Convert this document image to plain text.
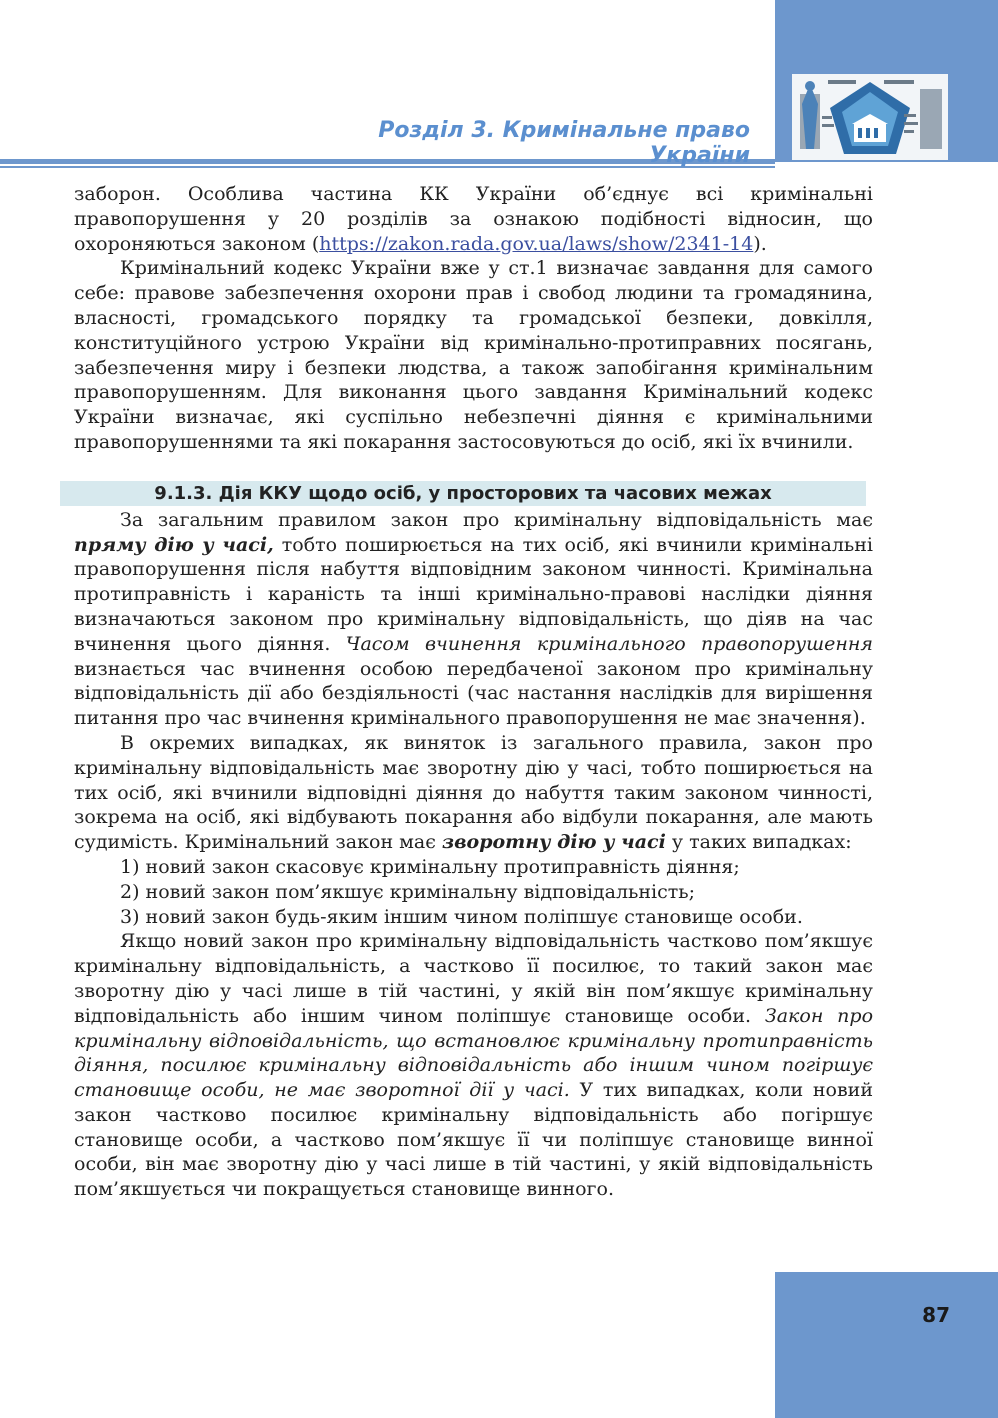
Розділ 3. Кримінальне право України

заборон. Особлива частина КК України об’єднує всі кримінальні правопорушення у 20 розділів за ознакою подібності відносин, що охороняються законом (https://zakon.rada.gov.ua/laws/show/2341-14).

Кримінальний кодекс України вже у ст.1 визначає завдання для самого себе: правове забезпечення охорони прав і свобод людини та громадянина, власності, громадського порядку та громадської безпеки, довкілля, конституційного устрою України від кримінально-протиправних посягань, забезпечення миру і безпеки людства, а також запобігання кримінальним правопорушенням. Для виконання цього завдання Кримінальний кодекс України визначає, які суспільно небезпечні діяння є кримінальними правопорушеннями та які покарання застосовуються до осіб, які їх вчинили.

9.1.3. Дія ККУ щодо осіб, у просторових та часових межах

За загальним правилом закон про кримінальну відповідальність має пряму дію у часі, тобто поширюється на тих осіб, які вчинили кримінальні правопорушення після набуття відповідним законом чинності. Кримінальна протиправність і караність та інші кримінально-правові наслідки діяння визначаються законом про кримінальну відповідальність, що діяв на час вчинення цього діяння. Часом вчинення кримінального правопорушення визнається час вчинення особою передбаченої законом про кримінальну відповідальність дії або бездіяльності (час настання наслідків для вирішення питання про час вчинення кримінального правопорушення не має значення).

В окремих випадках, як виняток із загального правила, закон про кримінальну відповідальність має зворотну дію у часі, тобто поширюється на тих осіб, які вчинили відповідні діяння до набуття таким законом чинності, зокрема на осіб, які відбувають покарання або відбули покарання, але мають судимість. Кримінальний закон має зворотну дію у часі у таких випадках:

1) новий закон скасовує кримінальну протиправність діяння;

2) новий закон пом’якшує кримінальну відповідальність;

3) новий закон будь-яким іншим чином поліпшує становище особи.

Якщо новий закон про кримінальну відповідальність частково пом’якшує кримінальну відповідальність, а частково її посилює, то такий закон має зворотну дію у часі лише в тій частині, у якій він пом’якшує кримінальну відповідальність або іншим чином поліпшує становище особи. Закон про кримінальну відповідальність, що встановлює кримінальну протиправність діяння, посилює кримінальну відповідальність або іншим чином погіршує становище особи, не має зворотної дії у часі. У тих випадках, коли новий закон частково посилює кримінальну відповідальність або погіршує становище особи, а частково пом’якшує її чи поліпшує становище винної особи, він має зворотну дію у часі лише в тій частині, у якій відповідальність пом’якшується чи покращується становище винного.

87
